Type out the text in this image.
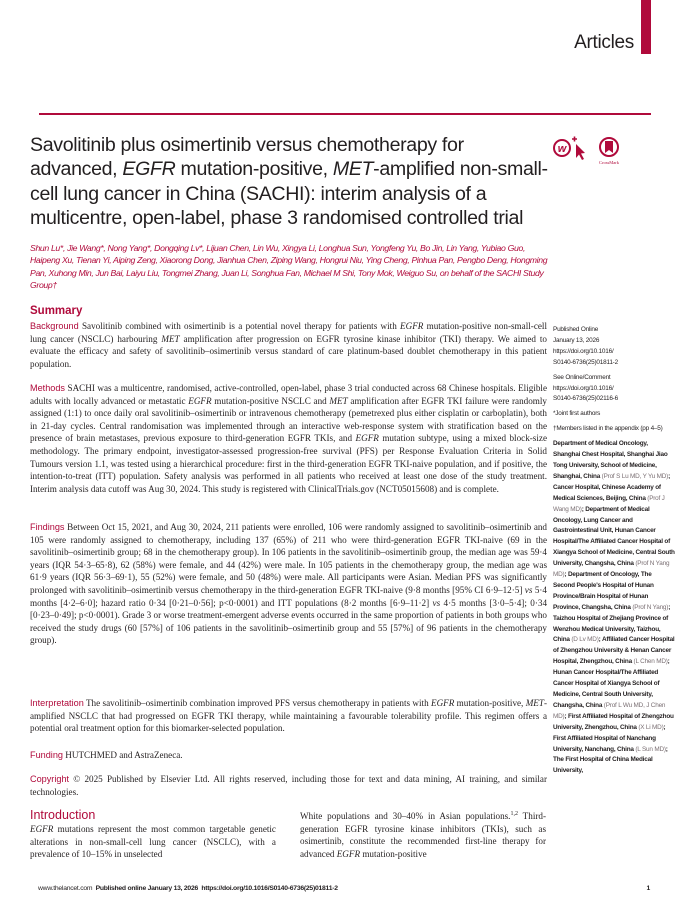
Articles
Savolitinib plus osimertinib versus chemotherapy for advanced, EGFR mutation-positive, MET-amplified non-small-cell lung cancer in China (SACHI): interim analysis of a multicentre, open-label, phase 3 randomised controlled trial
w
CrossMark
Shun Lu*, Jie Wang*, Nong Yang*, Dongqing Lv*, Lijuan Chen, Lin Wu, Xingya Li, Longhua Sun, Yongfeng Yu, Bo Jin, Lin Yang, Yubiao Guo, Haipeng Xu, Tienan Yi, Aiping Zeng, Xiaorong Dong, Jianhua Chen, Ziping Wang, Hongrui Niu, Ying Cheng, Pinhua Pan, Pengbo Deng, Hongming Pan, Xuhong Min, Jun Bai, Laiyu Liu, Tongmei Zhang, Juan Li, Songhua Fan, Michael M Shi, Tony Mok, Weiguo Su, on behalf of the SACHI Study Group†
Summary

Background Savolitinib combined with osimertinib is a potential novel therapy for patients with EGFR mutation-positive non-small-cell lung cancer (NSCLC) harbouring MET amplification after progression on EGFR tyrosine kinase inhibitor (TKI) therapy. We aimed to evaluate the efficacy and safety of savolitinib–osimertinib versus standard of care platinum-based doublet chemotherapy in this patient population.

Methods SACHI was a multicentre, randomised, active-controlled, open-label, phase 3 trial conducted across 68 Chinese hospitals. Eligible adults with locally advanced or metastatic EGFR mutation-positive NSCLC and MET amplification after EGFR TKI failure were randomly assigned (1:1) to once daily oral savolitinib–osimertinib or intravenous chemotherapy (pemetrexed plus either cisplatin or carboplatin), both in 21-day cycles. Central randomisation was implemented through an interactive web-response system with stratification based on the presence of brain metastases, previous exposure to third-generation EGFR TKIs, and EGFR mutation subtype, using a mixed block-size methodology. The primary endpoint, investigator-assessed progression-free survival (PFS) per Response Evaluation Criteria in Solid Tumours version 1.1, was tested using a hierarchical procedure: first in the third-generation EGFR TKI-naive population, and if positive, the intention-to-treat (ITT) population. Safety analysis was performed in all patients who received at least one dose of the study treatment. Interim analysis data cutoff was Aug 30, 2024. This study is registered with ClinicalTrials.gov (NCT05015608) and is complete.

Findings Between Oct 15, 2021, and Aug 30, 2024, 211 patients were enrolled, 106 were randomly assigned to savolitinib–osimertinib and 105 were randomly assigned to chemotherapy, including 137 (65%) of 211 who were third-generation EGFR TKI-naive (69 in the savolitinib–osimertinib group; 68 in the chemotherapy group). In 106 patients in the savolitinib–osimertinib group, the median age was 59·4 years (IQR 54·3–65·8), 62 (58%) were female, and 44 (42%) were male. In 105 patients in the chemotherapy group, the median age was 61·9 years (IQR 56·3–69·1), 55 (52%) were female, and 50 (48%) were male. All participants were Asian. Median PFS was significantly prolonged with savolitinib–osimertinib versus chemotherapy in the third-generation EGFR TKI-naive (9·8 months [95% CI 6·9–12·5] vs 5·4 months [4·2–6·0]; hazard ratio 0·34 [0·21–0·56]; p<0·0001) and ITT populations (8·2 months [6·9–11·2] vs 4·5 months [3·0–5·4]; 0·34 [0·23–0·49]; p<0·0001). Grade 3 or worse treatment-emergent adverse events occurred in the same proportion of patients in both groups who received the study drugs (60 [57%] of 106 patients in the savolitinib–osimertinib group and 55 [57%] of 96 patients in the chemotherapy group).

Interpretation The savolitinib–osimertinib combination improved PFS versus chemotherapy in patients with EGFR mutation-positive, MET-amplified NSCLC that had progressed on EGFR TKI therapy, while maintaining a favourable tolerability profile. This regimen offers a potential oral treatment option for this biomarker-selected population.

Funding HUTCHMED and AstraZeneca.

Copyright © 2025 Published by Elsevier Ltd. All rights reserved, including those for text and data mining, AI training, and similar technologies.

Introduction

EGFR mutations represent the most common targetable genetic alterations in non-small-cell lung cancer (NSCLC), with a prevalence of 10–15% in unselected

White populations and 30–40% in Asian populations.$^{1,2}$ Third-generation EGFR tyrosine kinase inhibitors (TKIs), such as osimertinib, constitute the recommended first-line therapy for advanced EGFR mutation-positive

Published Online
January 13, 2026
https://doi.org/10.1016/
S0140-6736(25)01811-2

See Online/Comment
https://doi.org/10.1016/
S0140-6736(25)02116-6

*Joint first authors

†Members listed in the appendix (pp 4–5)

Department of Medical Oncology, Shanghai Chest Hospital, Shanghai Jiao Tong University, School of Medicine, Shanghai, China (Prof S Lu MD, Y Yu MD); Cancer Hospital, Chinese Academy of Medical Sciences, Beijing, China (Prof J Wang MD); Department of Medical Oncology, Lung Cancer and Gastrointestinal Unit, Hunan Cancer Hospital/The Affiliated Cancer Hospital of Xiangya School of Medicine, Central South University, Changsha, China (Prof N Yang MD); Department of Oncology, The Second People's Hospital of Hunan Province/Brain Hospital of Hunan Province, Changsha, China (Prof N Yang); Taizhou Hospital of Zhejiang Province of Wenzhou Medical University, Taizhou, China (D Lv MD); Affiliated Cancer Hospital of Zhengzhou University & Henan Cancer Hospital, Zhengzhou, China (L Chen MD); Hunan Cancer Hospital/The Affiliated Cancer Hospital of Xiangya School of Medicine, Central South University, Changsha, China (Prof L Wu MD, J Chen MD); First Affiliated Hospital of Zhengzhou University, Zhengzhou, China (X Li MD); First Affiliated Hospital of Nanchang University, Nanchang, China (L Sun MD); The First Hospital of China Medical University,

www.thelancet.com Published online January 13, 2026 https://doi.org/10.1016/S0140-6736(25)01811-2	1
